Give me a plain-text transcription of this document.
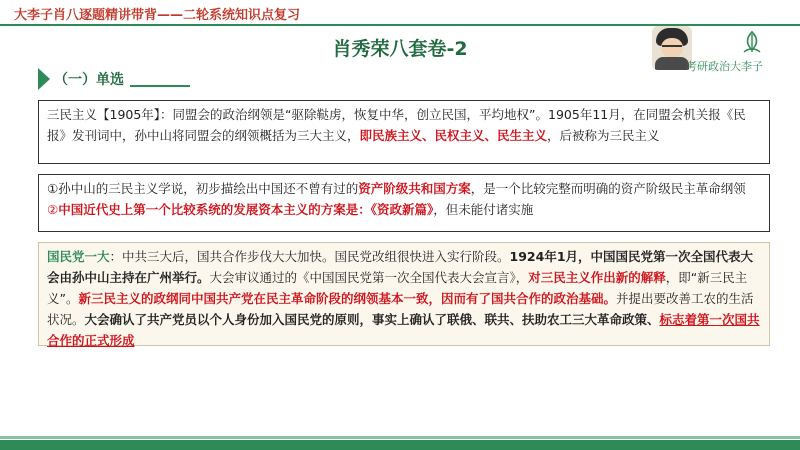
大李子肖八逐题精讲带背——二轮系统知识点复习
肖秀荣八套卷-2
（一）单选
考研政治大李子
三民主义【1905年】：同盟会的政治纲领是“驱除鞑虏，恢复中华，创立民国，平均地权”。1905年11月，在同盟会机关报《民报》发刊词中，孙中山将同盟会的纲领概括为三大主义，即民族主义、民权主义、民生主义，后被称为三民主义
①孙中山的三民主义学说，初步描绘出中国还不曾有过的资产阶级共和国方案，是一个比较完整而明确的资产阶级民主革命纲领
②中国近代史上第一个比较系统的发展资本主义的方案是：《资政新篇》，但未能付诸实施
国民党一大：中共三大后，国共合作步伐大大加快。国民党改组很快进入实行阶段。1924年1月，中国国民党第一次全国代表大会由孙中山主持在广州举行。大会审议通过的《中国国民党第一次全国代表大会宣言》，对三民主义作出新的解释，即“新三民主义”。新三民主义的政纲同中国共产党在民主革命阶段的纲领基本一致，因而有了国共合作的政治基础。并提出要改善工农的生活状况。大会确认了共产党员以个人身份加入国民党的原则，事实上确认了联俄、联共、扶助农工三大革命政策、标志着第一次国共合作的正式形成
